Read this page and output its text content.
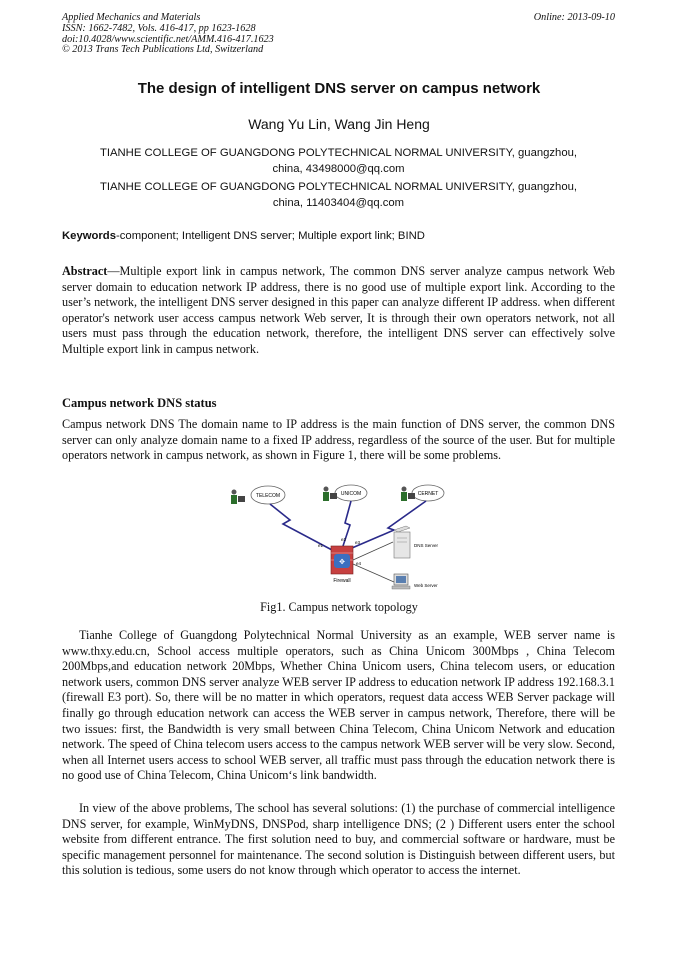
Applied Mechanics and Materials
ISSN: 1662-7482, Vols. 416-417, pp 1623-1628
doi:10.4028/www.scientific.net/AMM.416-417.1623
© 2013 Trans Tech Publications Ltd, Switzerland
Online: 2013-09-10
The design of intelligent DNS server on campus network
Wang Yu Lin, Wang Jin Heng
TIANHE COLLEGE OF GUANGDONG POLYTECHNICAL NORMAL UNIVERSITY, guangzhou,
china, 43498000@qq.com
TIANHE COLLEGE OF GUANGDONG POLYTECHNICAL NORMAL UNIVERSITY, guangzhou,
china, 11403404@qq.com
Keywords-component; Intelligent DNS server; Multiple export link; BIND

Abstract—Multiple export link in campus network, The common DNS server analyze campus network Web server domain to education network IP address, there is no good use of multiple export link. According to the user’s network, the intelligent DNS server designed in this paper can analyze different IP address. when different operator's network user access campus network Web server, It is through their own operators network, not all users must pass through the education network, therefore, the intelligent DNS server can effectively solve Multiple export link in campus network.

Campus network DNS status

Campus network DNS The domain name to IP address is the main function of DNS server, the common DNS server can only analyze domain name to a fixed IP address, regardless of the source of the user. But for multiple operators network in campus network, as shown in Figure 1, there will be some problems.

TELECOM	UNICOM	CERNET
e1
e2
e3
e4
✥
Firewall
DNS Server
Web Server
Fig1. Campus network topology

Tianhe College of Guangdong Polytechnical Normal University as an example, WEB server name is www.thxy.edu.cn, School access multiple operators, such as China Unicom 300Mbps , China Telecom 200Mbps,and education network 20Mbps, Whether China Unicom users, China telecom users, or education network users, common DNS server analyze WEB server IP address to education network IP address 192.168.3.1 (firewall E3 port). So, there will be no matter in which operators, request data access WEB Server package will finally go through education network can access the WEB server in campus network, Therefore, there will be two issues: first, the Bandwidth is very small between China Telecom, China Unicom Network and education network. The speed of China telecom users access to the campus network WEB server will be very slow. Second, when all Internet users access to school WEB server, all traffic must pass through the education network there is no good use of China Telecom, China Unicom‘s link bandwidth.

In view of the above problems, The school has several solutions: (1) the purchase of commercial intelligence DNS server, for example, WinMyDNS, DNSPod, sharp intelligence DNS; (2 ) Different users enter the school website from different entrance. The first solution need to buy, and commercial software or hardware, must be specific management personnel for maintenance. The second solution is Distinguish between different users, but this solution is tedious, some users do not know through which operator to access the internet.
